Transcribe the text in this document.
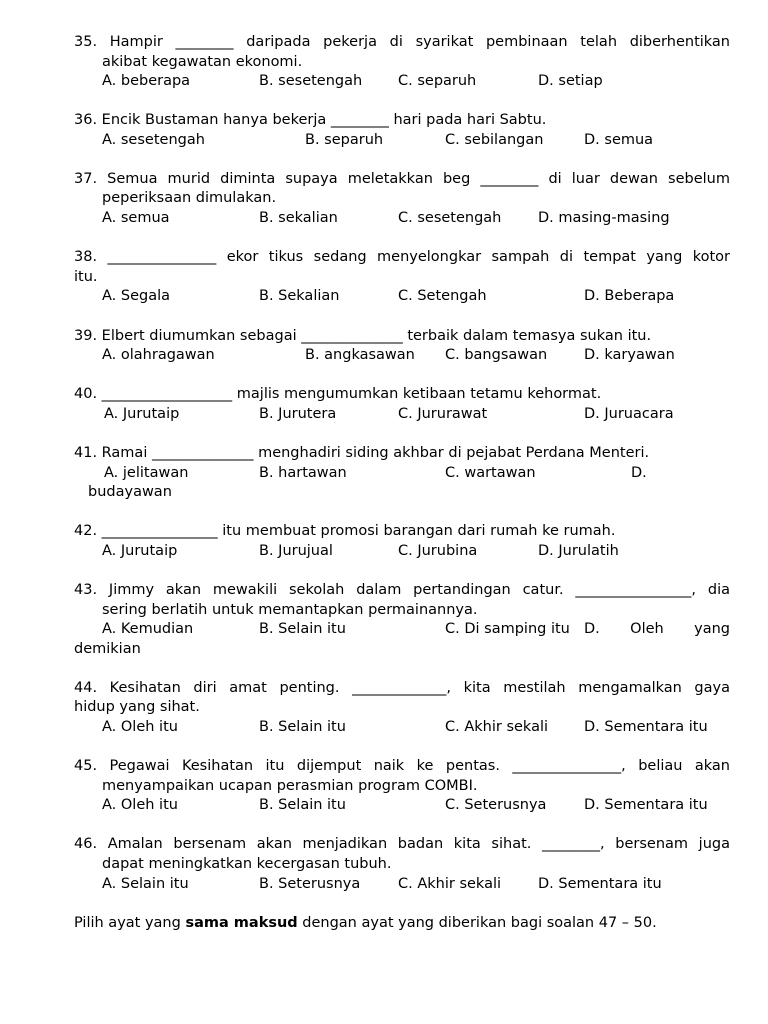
35. Hampir ________ daripada pekerja di syarikat pembinaan telah diberhentikan
akibat kegawatan ekonomi.
A. beberapa	B. sesetengah C. separuh	D. setiap
36. Encik Bustaman hanya bekerja ________ hari pada hari Sabtu.
A. sesetengah	B. separuh	C. sebilangan	D. semua
37. Semua murid diminta supaya meletakkan beg ________ di luar dewan sebelum
peperiksaan dimulakan.
A. semua	B. sekalian	C. sesetengah	D. masing-masing
38. _______________ ekor tikus sedang menyelongkar sampah di tempat yang kotor
itu.
A. Segala	B. Sekalian	C. Setengah	D. Beberapa
39. Elbert diumumkan sebagai ______________ terbaik dalam temasya sukan itu.
A. olahragawan	B. angkasawan C. bangsawan	D. karyawan
40. __________________ majlis mengumumkan ketibaan tetamu kehormat.
A. Jurutaip	B. Jurutera	C. Jururawat	D. Juruacara
41. Ramai ______________ menghadiri siding akhbar di pejabat Perdana Menteri.
A. jelitawan	B. hartawan	C. wartawan	D.
budayawan
42. ________________ itu membuat promosi barangan dari rumah ke rumah.
A. Jurutaip	B. Jurujual	C. Jurubina	D. Jurulatih
43. Jimmy akan mewakili sekolah dalam pertandingan catur. ________________, dia
sering berlatih untuk memantapkan permainannya.
A. Kemudian	B. Selain itu	C. Di samping itu D.     Oleh     yang
demikian
44. Kesihatan diri amat penting. _____________, kita mestilah mengamalkan gaya
hidup yang sihat.
A. Oleh itu	B. Selain itu	C. Akhir sekali D. Sementara itu
45. Pegawai Kesihatan itu dijemput naik ke pentas. _______________, beliau akan
menyampaikan ucapan perasmian program COMBI.
A. Oleh itu	B. Selain itu	C. Seterusnya	D. Sementara itu
46. Amalan bersenam akan menjadikan badan kita sihat. ________, bersenam juga
dapat meningkatkan kecergasan tubuh.
A. Selain itu	B. Seterusnya	C. Akhir sekali	D. Sementara itu
Pilih ayat yang sama maksud dengan ayat yang diberikan bagi soalan 47 – 50.
